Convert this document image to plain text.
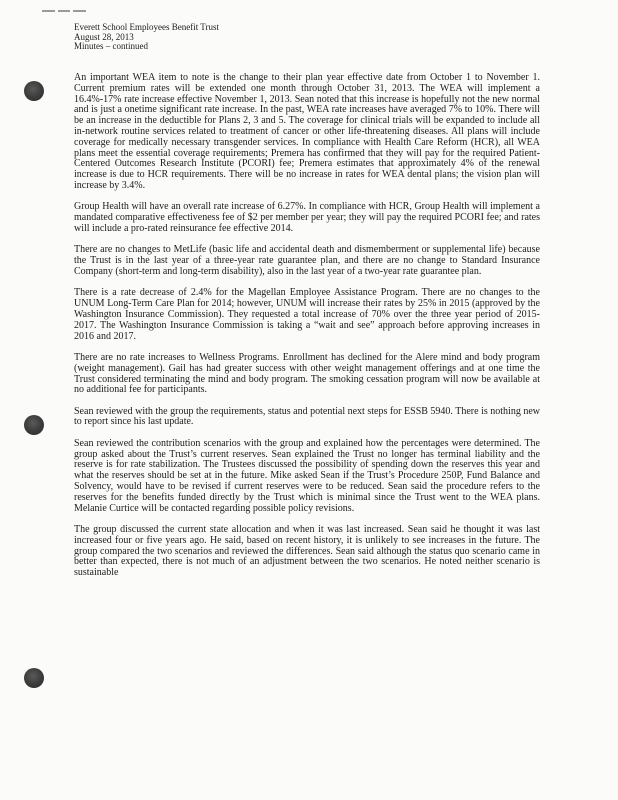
Everett School Employees Benefit Trust
August 28, 2013
Minutes – continued

An important WEA item to note is the change to their plan year effective date from October 1 to November 1. Current premium rates will be extended one month through October 31, 2013. The WEA will implement a 16.4%-17% rate increase effective November 1, 2013. Sean noted that this increase is hopefully not the new normal and is just a onetime significant rate increase. In the past, WEA rate increases have averaged 7% to 10%. There will be an increase in the deductible for Plans 2, 3 and 5. The coverage for clinical trials will be expanded to include all in-network routine services related to treatment of cancer or other life-threatening diseases. All plans will include coverage for medically necessary transgender services. In compliance with Health Care Reform (HCR), all WEA plans meet the essential coverage requirements; Premera has confirmed that they will pay for the required Patient-Centered Outcomes Research Institute (PCORI) fee; Premera estimates that approximately 4% of the renewal increase is due to HCR requirements. There will be no increase in rates for WEA dental plans; the vision plan will increase by 3.4%.

Group Health will have an overall rate increase of 6.27%. In compliance with HCR, Group Health will implement a mandated comparative effectiveness fee of $2 per member per year; they will pay the required PCORI fee; and rates will include a pro-rated reinsurance fee effective 2014.

There are no changes to MetLife (basic life and accidental death and dismemberment or supplemental life) because the Trust is in the last year of a three-year rate guarantee plan, and there are no change to Standard Insurance Company (short-term and long-term disability), also in the last year of a two-year rate guarantee plan.

There is a rate decrease of 2.4% for the Magellan Employee Assistance Program. There are no changes to the UNUM Long-Term Care Plan for 2014; however, UNUM will increase their rates by 25% in 2015 (approved by the Washington Insurance Commission). They requested a total increase of 70% over the three year period of 2015-2017. The Washington Insurance Commission is taking a “wait and see” approach before approving increases in 2016 and 2017.

There are no rate increases to Wellness Programs. Enrollment has declined for the Alere mind and body program (weight management). Gail has had greater success with other weight management offerings and at one time the Trust considered terminating the mind and body program. The smoking cessation program will now be available at no additional fee for participants.

Sean reviewed with the group the requirements, status and potential next steps for ESSB 5940. There is nothing new to report since his last update.

Sean reviewed the contribution scenarios with the group and explained how the percentages were determined. The group asked about the Trust’s current reserves. Sean explained the Trust no longer has terminal liability and the reserve is for rate stabilization. The Trustees discussed the possibility of spending down the reserves this year and what the reserves should be set at in the future. Mike asked Sean if the Trust’s Procedure 250P, Fund Balance and Solvency, would have to be revised if current reserves were to be reduced. Sean said the procedure refers to the reserves for the benefits funded directly by the Trust which is minimal since the Trust went to the WEA plans. Melanie Curtice will be contacted regarding possible policy revisions.

The group discussed the current state allocation and when it was last increased. Sean said he thought it was last increased four or five years ago. He said, based on recent history, it is unlikely to see increases in the future. The group compared the two scenarios and reviewed the differences. Sean said although the status quo scenario came in better than expected, there is not much of an adjustment between the two scenarios. He noted neither scenario is sustainable
